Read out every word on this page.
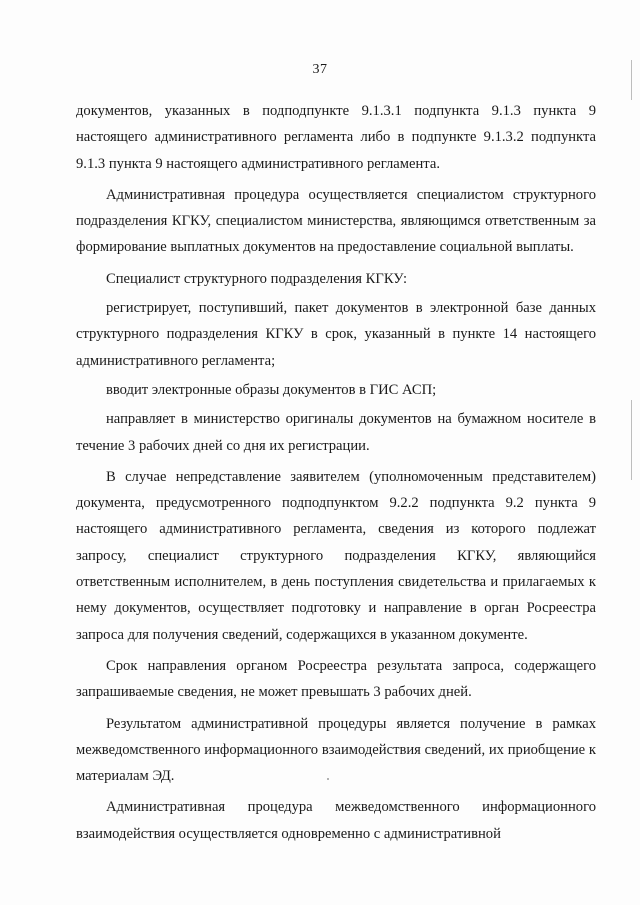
37

документов, указанных в подподпункте 9.1.3.1 подпункта 9.1.3 пункта 9 настоящего административного регламента либо в подпункте 9.1.3.2 подпункта 9.1.3 пункта 9 настоящего административного регламента.

Административная процедура осуществляется специалистом структурного подразделения КГКУ, специалистом министерства, являющимся ответственным за формирование выплатных документов на предоставление социальной выплаты.

Специалист структурного подразделения КГКУ:

регистрирует, поступивший, пакет документов в электронной базе данных структурного подразделения КГКУ в срок, указанный в пункте 14 настоящего административного регламента;

вводит электронные образы документов в ГИС АСП;

направляет в министерство оригиналы документов на бумажном носителе в течение 3 рабочих дней со дня их регистрации.

В случае непредставление заявителем (уполномоченным представителем) документа, предусмотренного подподпунктом 9.2.2 подпункта 9.2 пункта 9 настоящего административного регламента, сведения из которого подлежат запросу, специалист структурного подразделения КГКУ, являющийся ответственным исполнителем, в день поступления свидетельства и прилагаемых к нему документов, осуществляет подготовку и направление в орган Росреестра запроса для получения сведений, содержащихся в указанном документе.

Срок направления органом Росреестра результата запроса, содержащего запрашиваемые сведения, не может превышать 3 рабочих дней.

Результатом административной процедуры является получение в рамках межведомственного информационного взаимодействия сведений, их приобщение к материалам ЭД.

Административная процедура межведомственного информационного взаимодействия осуществляется одновременно с административной
